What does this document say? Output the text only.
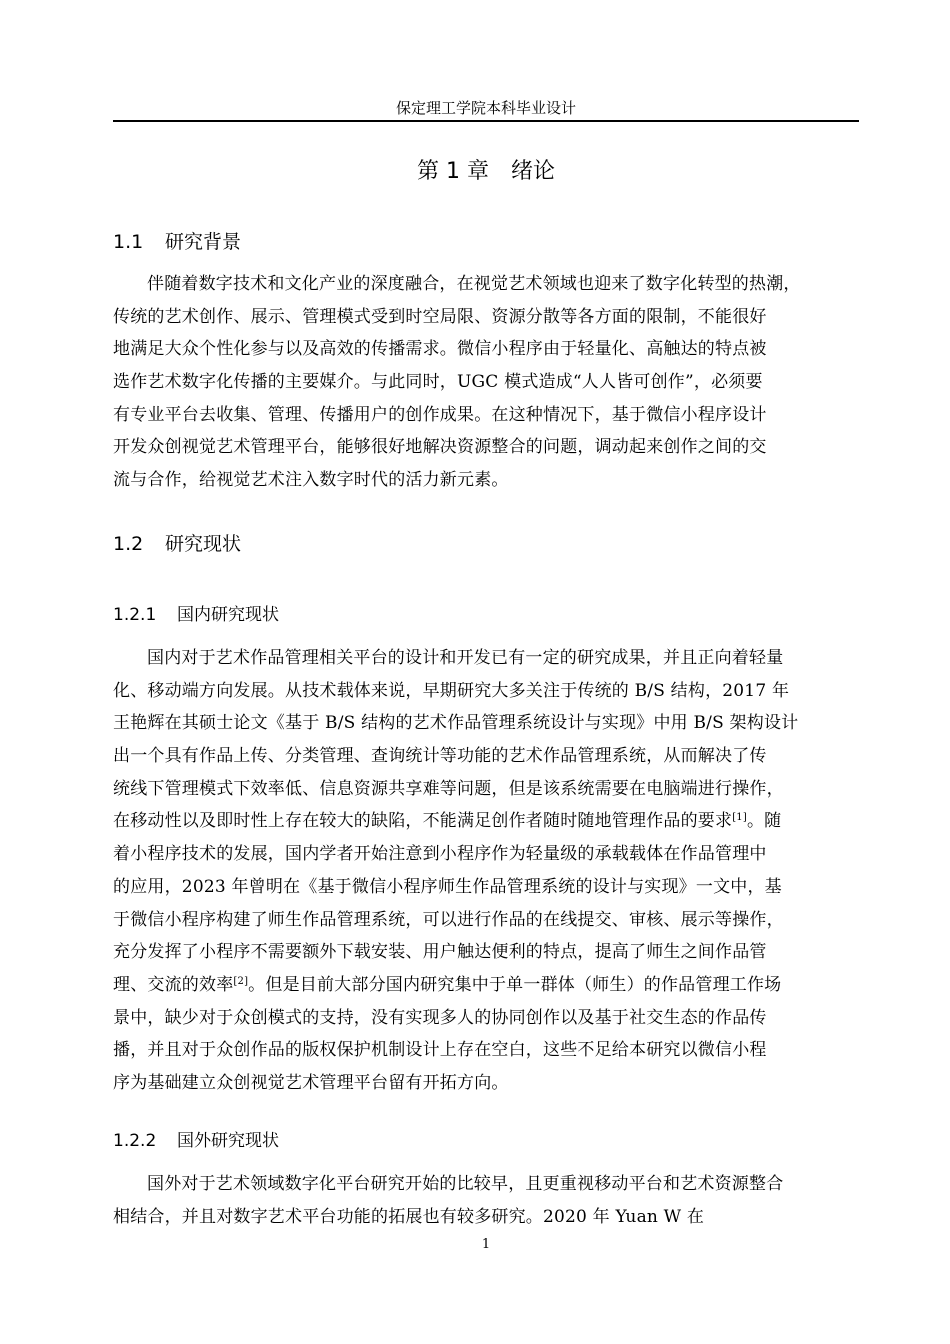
保定理工学院本科毕业设计
第 1 章 绪论
1.1 研究背景
伴随着数字技术和文化产业的深度融合，在视觉艺术领域也迎来了数字化转型的热潮，
传统的艺术创作、展示、管理模式受到时空局限、资源分散等各方面的限制，不能很好
地满足大众个性化参与以及高效的传播需求。微信小程序由于轻量化、高触达的特点被
选作艺术数字化传播的主要媒介。与此同时，UGC 模式造成“人人皆可创作”，必须要
有专业平台去收集、管理、传播用户的创作成果。在这种情况下，基于微信小程序设计
开发众创视觉艺术管理平台，能够很好地解决资源整合的问题，调动起来创作之间的交
流与合作，给视觉艺术注入数字时代的活力新元素。
1.2 研究现状
1.2.1 国内研究现状
国内对于艺术作品管理相关平台的设计和开发已有一定的研究成果，并且正向着轻量
化、移动端方向发展。从技术载体来说，早期研究大多关注于传统的 B/S 结构，2017 年
王艳辉在其硕士论文《基于 B/S 结构的艺术作品管理系统设计与实现》中用 B/S 架构设计
出一个具有作品上传、分类管理、查询统计等功能的艺术作品管理系统，从而解决了传
统线下管理模式下效率低、信息资源共享难等问题，但是该系统需要在电脑端进行操作，
在移动性以及即时性上存在较大的缺陷，不能满足创作者随时随地管理作品的要求[1]。随
着小程序技术的发展，国内学者开始注意到小程序作为轻量级的承载载体在作品管理中
的应用，2023 年曾明在《基于微信小程序师生作品管理系统的设计与实现》一文中，基
于微信小程序构建了师生作品管理系统，可以进行作品的在线提交、审核、展示等操作，
充分发挥了小程序不需要额外下载安装、用户触达便利的特点，提高了师生之间作品管
理、交流的效率[2]。但是目前大部分国内研究集中于单一群体（师生）的作品管理工作场
景中，缺少对于众创模式的支持，没有实现多人的协同创作以及基于社交生态的作品传
播，并且对于众创作品的版权保护机制设计上存在空白，这些不足给本研究以微信小程
序为基础建立众创视觉艺术管理平台留有开拓方向。
1.2.2 国外研究现状
国外对于艺术领域数字化平台研究开始的比较早，且更重视移动平台和艺术资源整合
相结合，并且对数字艺术平台功能的拓展也有较多研究。2020 年 Yuan W 在
1
